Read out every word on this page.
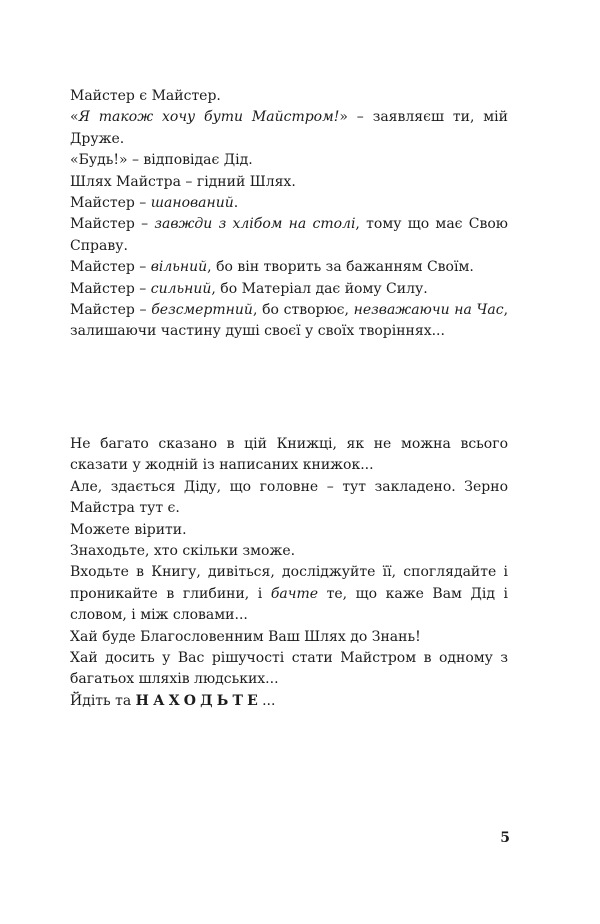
Майстер є Майстер.

«Я також хочу бути Майстром!» – заявляєш ти, мій Друже.

«Будь!» – відповідає Дід.

Шлях Майстра – гідний Шлях.

Майстер – шанований.

Майстер – завжди з хлібом на столі, тому що має Свою Справу.

Майстер – вільний, бо він творить за бажанням Своїм.

Майстер – сильний, бо Матеріал дає йому Силу.

Майстер – безсмертний, бо створює, незважаючи на Час, залишаючи частину душі своєї у своїх творіннях...

Не багато сказано в цій Книжці, як не можна всього сказати у жодній із написаних книжок...

Але, здається Діду, що головне – тут закладено. Зерно Майстра тут є.

Можете вірити.

Знаходьте, хто скільки зможе.

Входьте в Книгу, дивіться, досліджуйте її, споглядайте і проникайте в глибини, і бачте те, що каже Вам Дід і словом, і між словами...

Хай буде Благословенним Ваш Шлях до Знань!

Хай досить у Вас рішучості стати Майстром в одному з багатьох шляхів людських...

Йдіть та НАХОДЬТЕ...

5
